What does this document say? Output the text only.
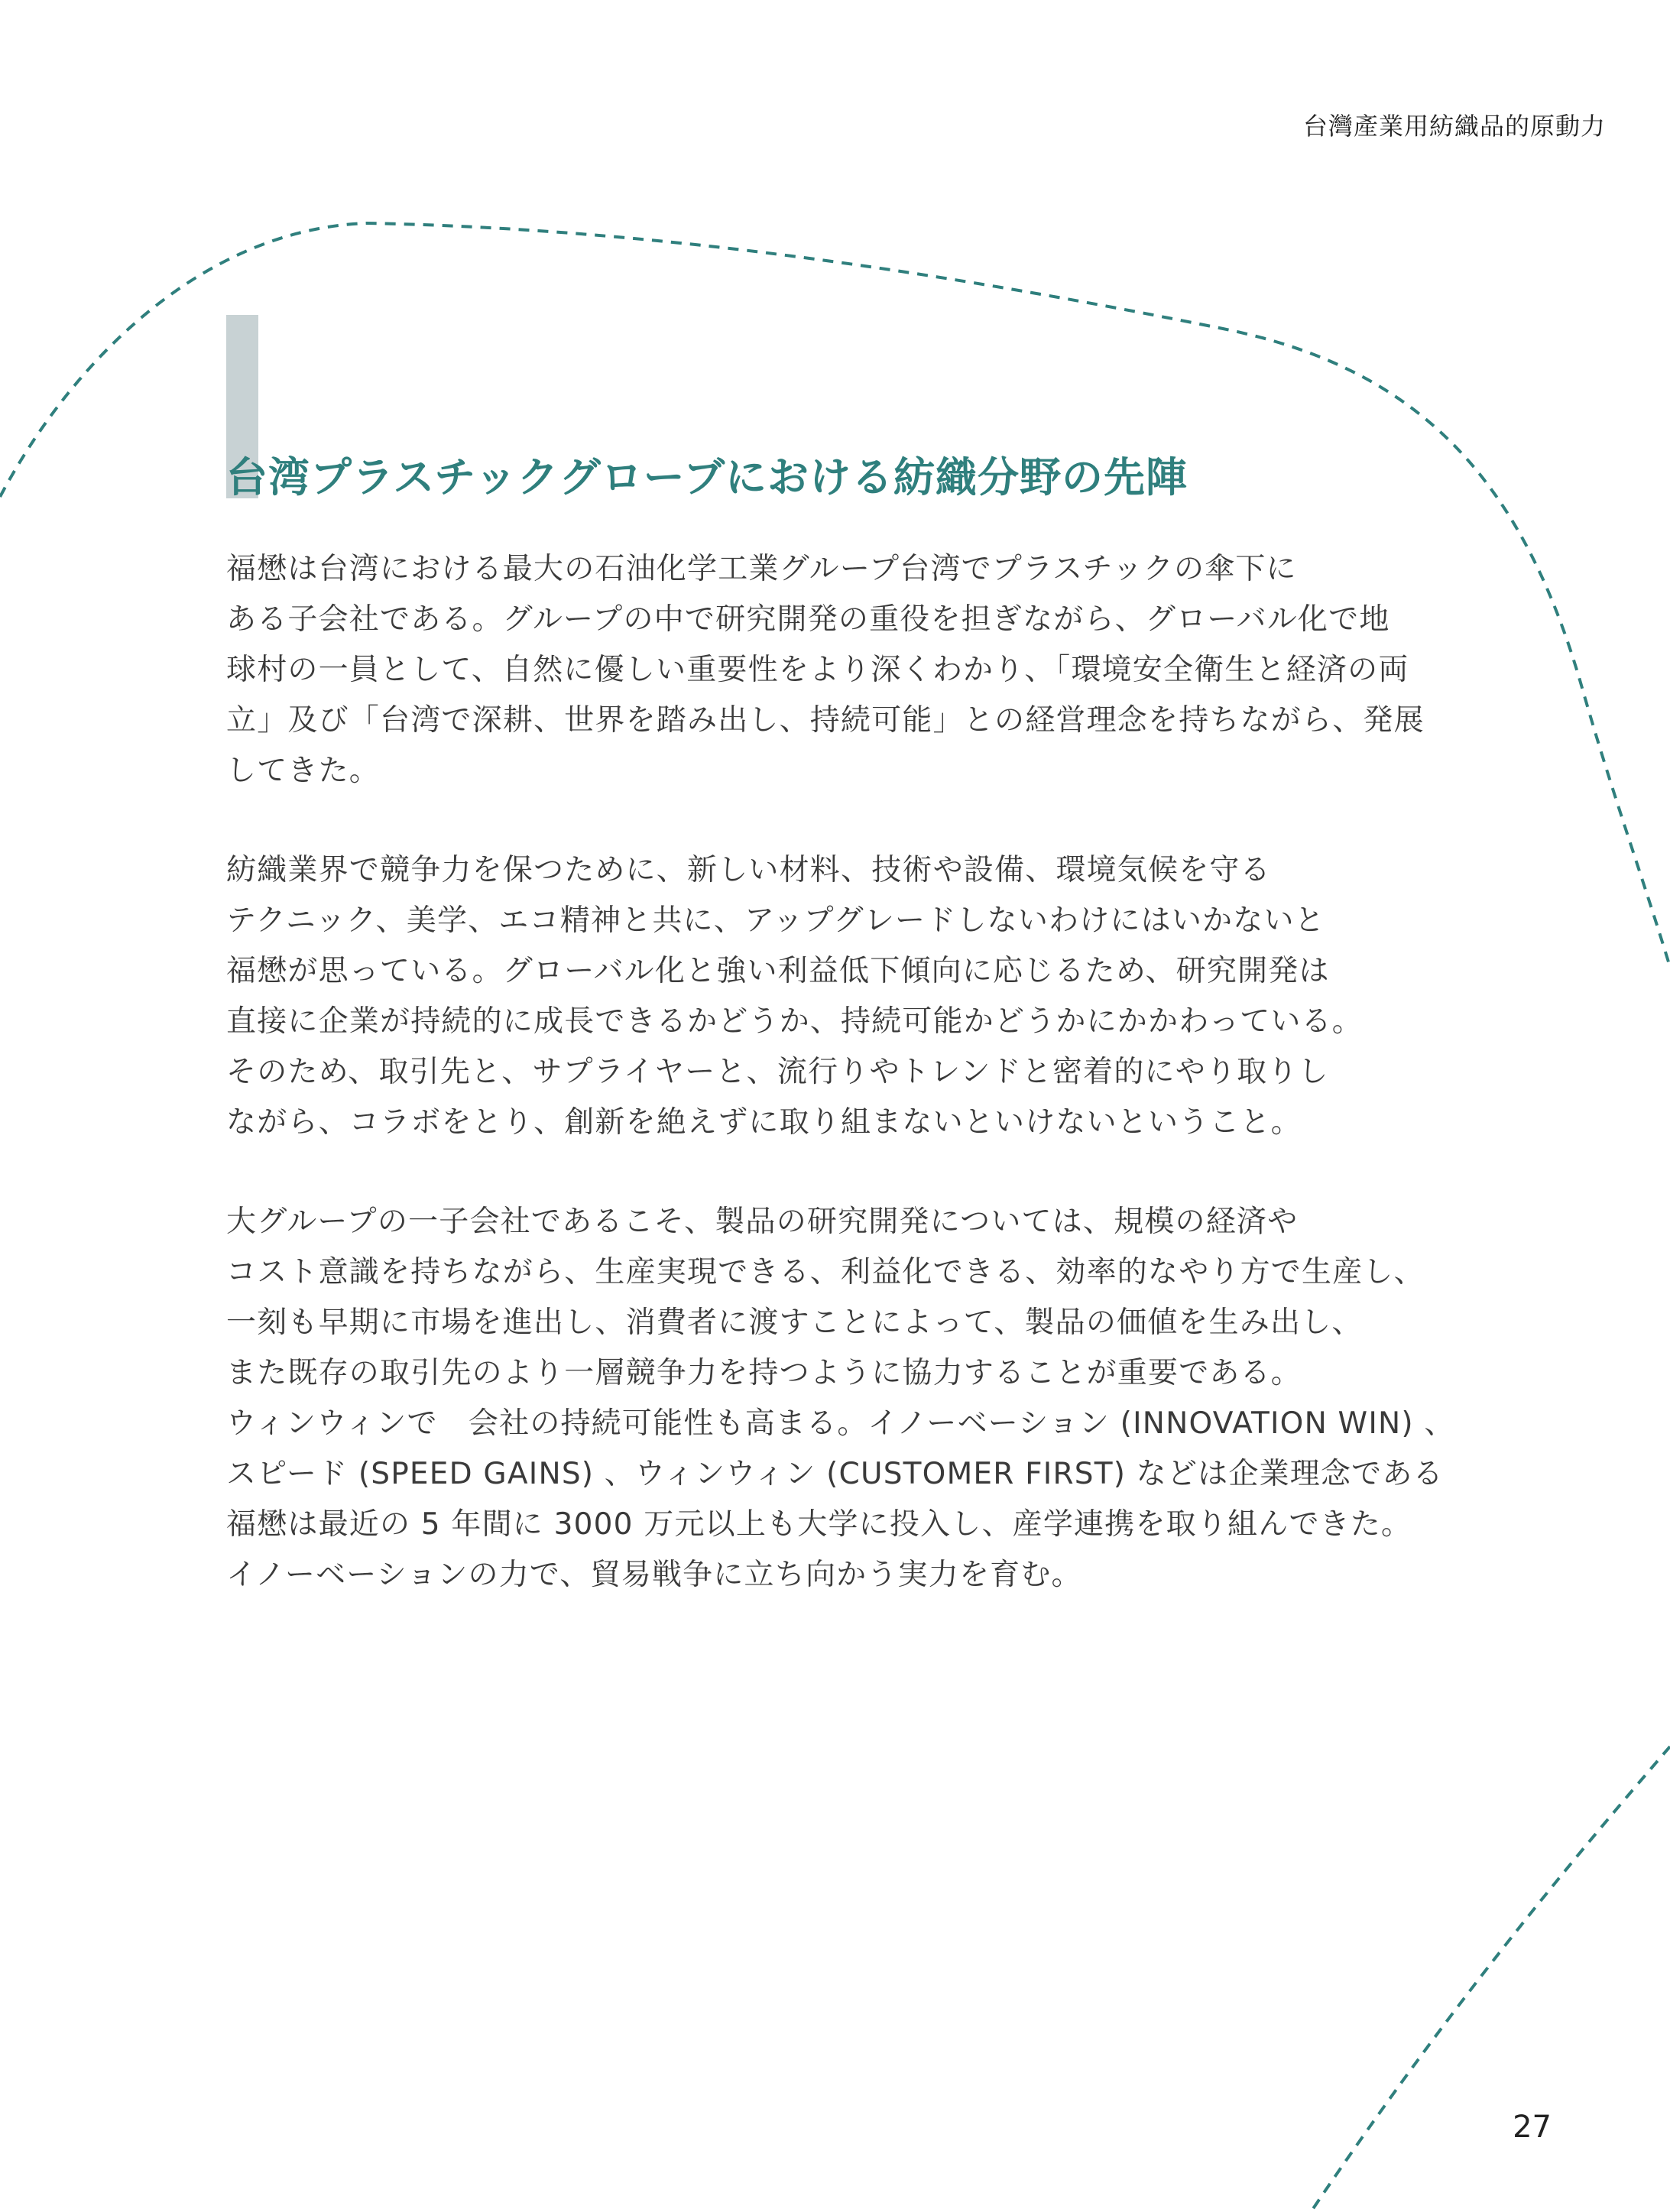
台灣產業用紡織品的原動力
台湾プラスチックグローブにおける紡織分野の先陣

福懋は台湾における最大の石油化学工業グループ台湾でプラスチックの傘下に
ある子会社である。グループの中で研究開発の重役を担ぎながら、グローバル化で地
球村の一員として、自然に優しい重要性をより深くわかり、「環境安全衛生と経済の両
立」及び「台湾で深耕、世界を踏み出し、持続可能」との経営理念を持ちながら、発展
してきた。

紡織業界で競争力を保つために、新しい材料、技術や設備、環境気候を守る
テクニック、美学、エコ精神と共に、アップグレードしないわけにはいかないと
福懋が思っている。グローバル化と強い利益低下傾向に応じるため、研究開発は
直接に企業が持続的に成長できるかどうか、持続可能かどうかにかかわっている。
そのため、取引先と、サプライヤーと、流行りやトレンドと密着的にやり取りし
ながら、コラボをとり、創新を絶えずに取り組まないといけないということ。

大グループの一子会社であるこそ、製品の研究開発については、規模の経済や
コスト意識を持ちながら、生産実現できる、利益化できる、効率的なやり方で生産し、
一刻も早期に市場を進出し、消費者に渡すことによって、製品の価値を生み出し、
また既存の取引先のより一層競争力を持つように協力することが重要である。
ウィンウィンで　会社の持続可能性も高まる。イノーベーション (INNOVATION WIN) 、
スピード (SPEED GAINS) 、ウィンウィン (CUSTOMER FIRST) などは企業理念である
福懋は最近の 5 年間に 3000 万元以上も大学に投入し、産学連携を取り組んできた。
イノーベーションの力で、貿易戦争に立ち向かう実力を育む。

27
